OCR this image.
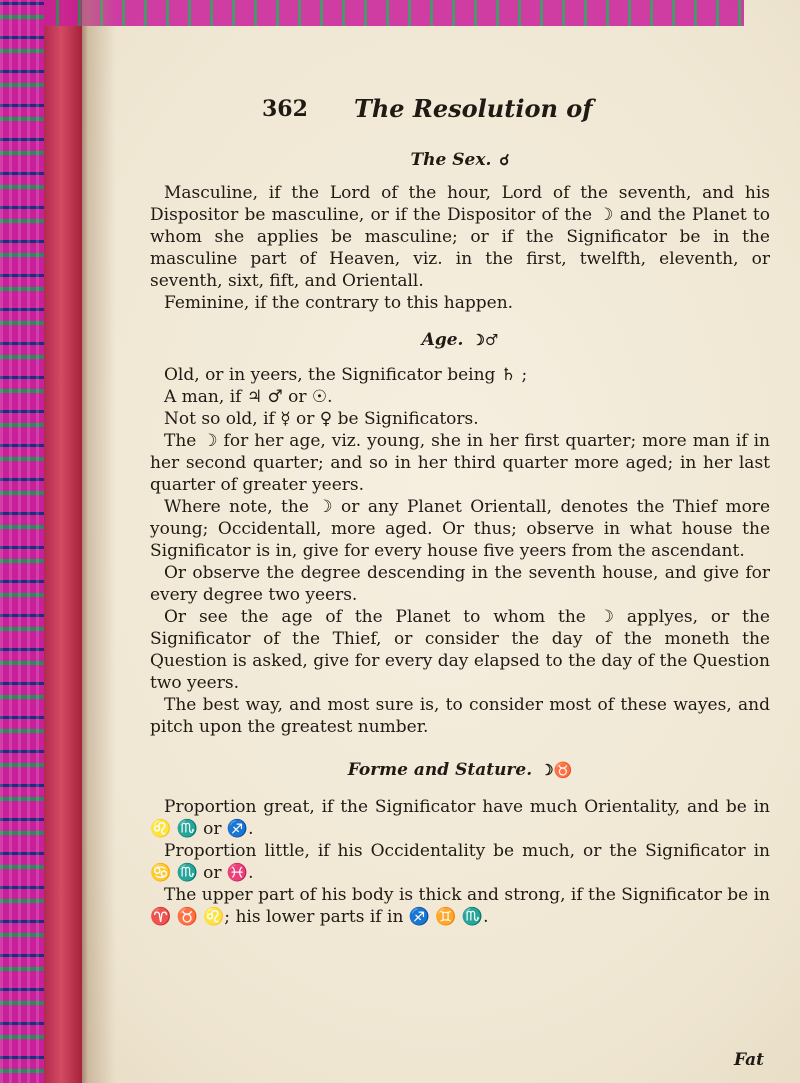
362 The Resolution of
The Sex. ☌

Masculine, if the Lord of the hour, Lord of the seventh, and his Dispositor be masculine, or if the Dispositor of the ☽ and the Planet to whom she applies be masculine; or if the Significator be in the masculine part of Heaven, viz. in the first, twelfth, eleventh, or seventh, sixt, fift, and Orientall.

Feminine, if the contrary to this happen.

Age. ☽♂

Old, or in yeers, the Significator being ♄ ;

A man, if ♃ ♂ or ☉.

Not so old, if ☿ or ♀ be Significators.

The ☽ for her age, viz. young, she in her first quarter; more man if in her second quarter; and so in her third quarter more aged; in her last quarter of greater yeers.

Where note, the ☽ or any Planet Orientall, denotes the Thief more young; Occidentall, more aged. Or thus; observe in what house the Significator is in, give for every house five yeers from the ascendant.

Or observe the degree descending in the seventh house, and give for every degree two yeers.

Or see the age of the Planet to whom the ☽ applyes, or the Significator of the Thief, or consider the day of the moneth the Question is asked, give for every day elapsed to the day of the Question two yeers.

The best way, and most sure is, to consider most of these wayes, and pitch upon the greatest number.

Forme and Stature. ☽♉

Proportion great, if the Significator have much Orientality, and be in ♌ ♏ or ♐.

Proportion little, if his Occidentality be much, or the Significator in ♋ ♏ or ♓.

The upper part of his body is thick and strong, if the Significator be in ♈ ♉ ♌; his lower parts if in ♐ ♊ ♏.

Fat
